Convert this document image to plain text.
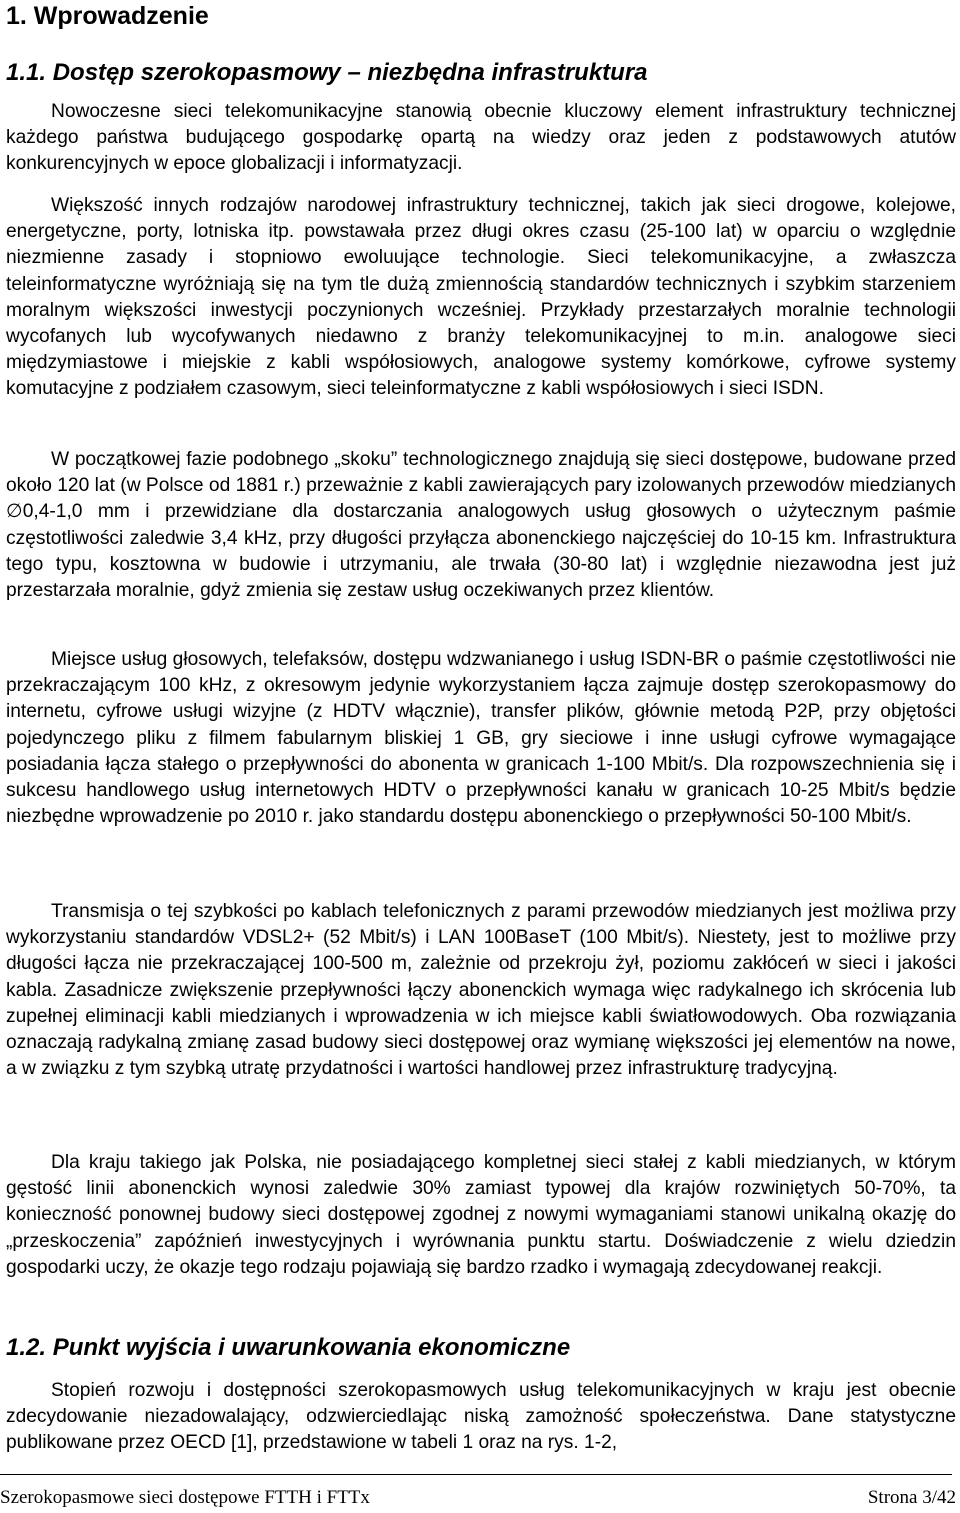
1. Wprowadzenie
1.1. Dostęp szerokopasmowy – niezbędna infrastruktura

Nowoczesne sieci telekomunikacyjne stanowią obecnie kluczowy element infrastruktury technicznej każdego państwa budującego gospodarkę opartą na wiedzy oraz jeden z podstawowych atutów konkurencyjnych w epoce globalizacji i informatyzacji.

Większość innych rodzajów narodowej infrastruktury technicznej, takich jak sieci drogowe, kolejowe, energetyczne, porty, lotniska itp. powstawała przez długi okres czasu (25-100 lat) w oparciu o względnie niezmienne zasady i stopniowo ewoluujące technologie. Sieci telekomunikacyjne, a zwłaszcza teleinformatyczne wyróżniają się na tym tle dużą zmiennością standardów technicznych i szybkim starzeniem moralnym większości inwestycji poczynionych wcześniej. Przykłady przestarzałych moralnie technologii wycofanych lub wycofywanych niedawno z branży telekomunikacyjnej to m.in. analogowe sieci międzymiastowe i miejskie z kabli współosiowych, analogowe systemy komórkowe, cyfrowe systemy komutacyjne z podziałem czasowym, sieci teleinformatyczne z kabli współosiowych i sieci ISDN.

W początkowej fazie podobnego „skoku” technologicznego znajdują się sieci dostępowe, budowane przed około 120 lat (w Polsce od 1881 r.) przeważnie z kabli zawierających pary izolowanych przewodów miedzianych ∅0,4-1,0 mm i przewidziane dla dostarczania analogowych usług głosowych o użytecznym paśmie częstotliwości zaledwie 3,4 kHz, przy długości przyłącza abonenckiego najczęściej do 10-15 km. Infrastruktura tego typu, kosztowna w budowie i utrzymaniu, ale trwała (30-80 lat) i względnie niezawodna jest już przestarzała moralnie, gdyż zmienia się zestaw usług oczekiwanych przez klientów.

Miejsce usług głosowych, telefaksów, dostępu wdzwanianego i usług ISDN-BR o paśmie częstotliwości nie przekraczającym 100 kHz, z okresowym jedynie wykorzystaniem łącza zajmuje dostęp szerokopasmowy do internetu, cyfrowe usługi wizyjne (z HDTV włącznie), transfer plików, głównie metodą P2P, przy objętości pojedynczego pliku z filmem fabularnym bliskiej 1 GB, gry sieciowe i inne usługi cyfrowe wymagające posiadania łącza stałego o przepływności do abonenta w granicach 1-100 Mbit/s. Dla rozpowszechnienia się i sukcesu handlowego usług internetowych HDTV o przepływności kanału w granicach 10-25 Mbit/s będzie niezbędne wprowadzenie po 2010 r. jako standardu dostępu abonenckiego o przepływności 50-100 Mbit/s.

Transmisja o tej szybkości po kablach telefonicznych z parami przewodów miedzianych jest możliwa przy wykorzystaniu standardów VDSL2+ (52 Mbit/s) i LAN 100BaseT (100 Mbit/s). Niestety, jest to możliwe przy długości łącza nie przekraczającej 100-500 m, zależnie od przekroju żył, poziomu zakłóceń w sieci i jakości kabla. Zasadnicze zwiększenie przepływności łączy abonenckich wymaga więc radykalnego ich skrócenia lub zupełnej eliminacji kabli miedzianych i wprowadzenia w ich miejsce kabli światłowodowych. Oba rozwiązania oznaczają radykalną zmianę zasad budowy sieci dostępowej oraz wymianę większości jej elementów na nowe, a w związku z tym szybką utratę przydatności i wartości handlowej przez infrastrukturę tradycyjną.

Dla kraju takiego jak Polska, nie posiadającego kompletnej sieci stałej z kabli miedzianych, w którym gęstość linii abonenckich wynosi zaledwie 30% zamiast typowej dla krajów rozwiniętych 50-70%, ta konieczność ponownej budowy sieci dostępowej zgodnej z nowymi wymaganiami stanowi unikalną okazję do „przeskoczenia” zapóźnień inwestycyjnych i wyrównania punktu startu. Doświadczenie z wielu dziedzin gospodarki uczy, że okazje tego rodzaju pojawiają się bardzo rzadko i wymagają zdecydowanej reakcji.

1.2. Punkt wyjścia i uwarunkowania ekonomiczne

Stopień rozwoju i dostępności szerokopasmowych usług telekomunikacyjnych w kraju jest obecnie zdecydowanie niezadowalający, odzwierciedlając niską zamożność społeczeństwa. Dane statystyczne publikowane przez OECD [1], przedstawione w tabeli 1 oraz na rys. 1-2,

Szerokopasmowe sieci dostępowe FTTH i FTTx	Strona 3/42
